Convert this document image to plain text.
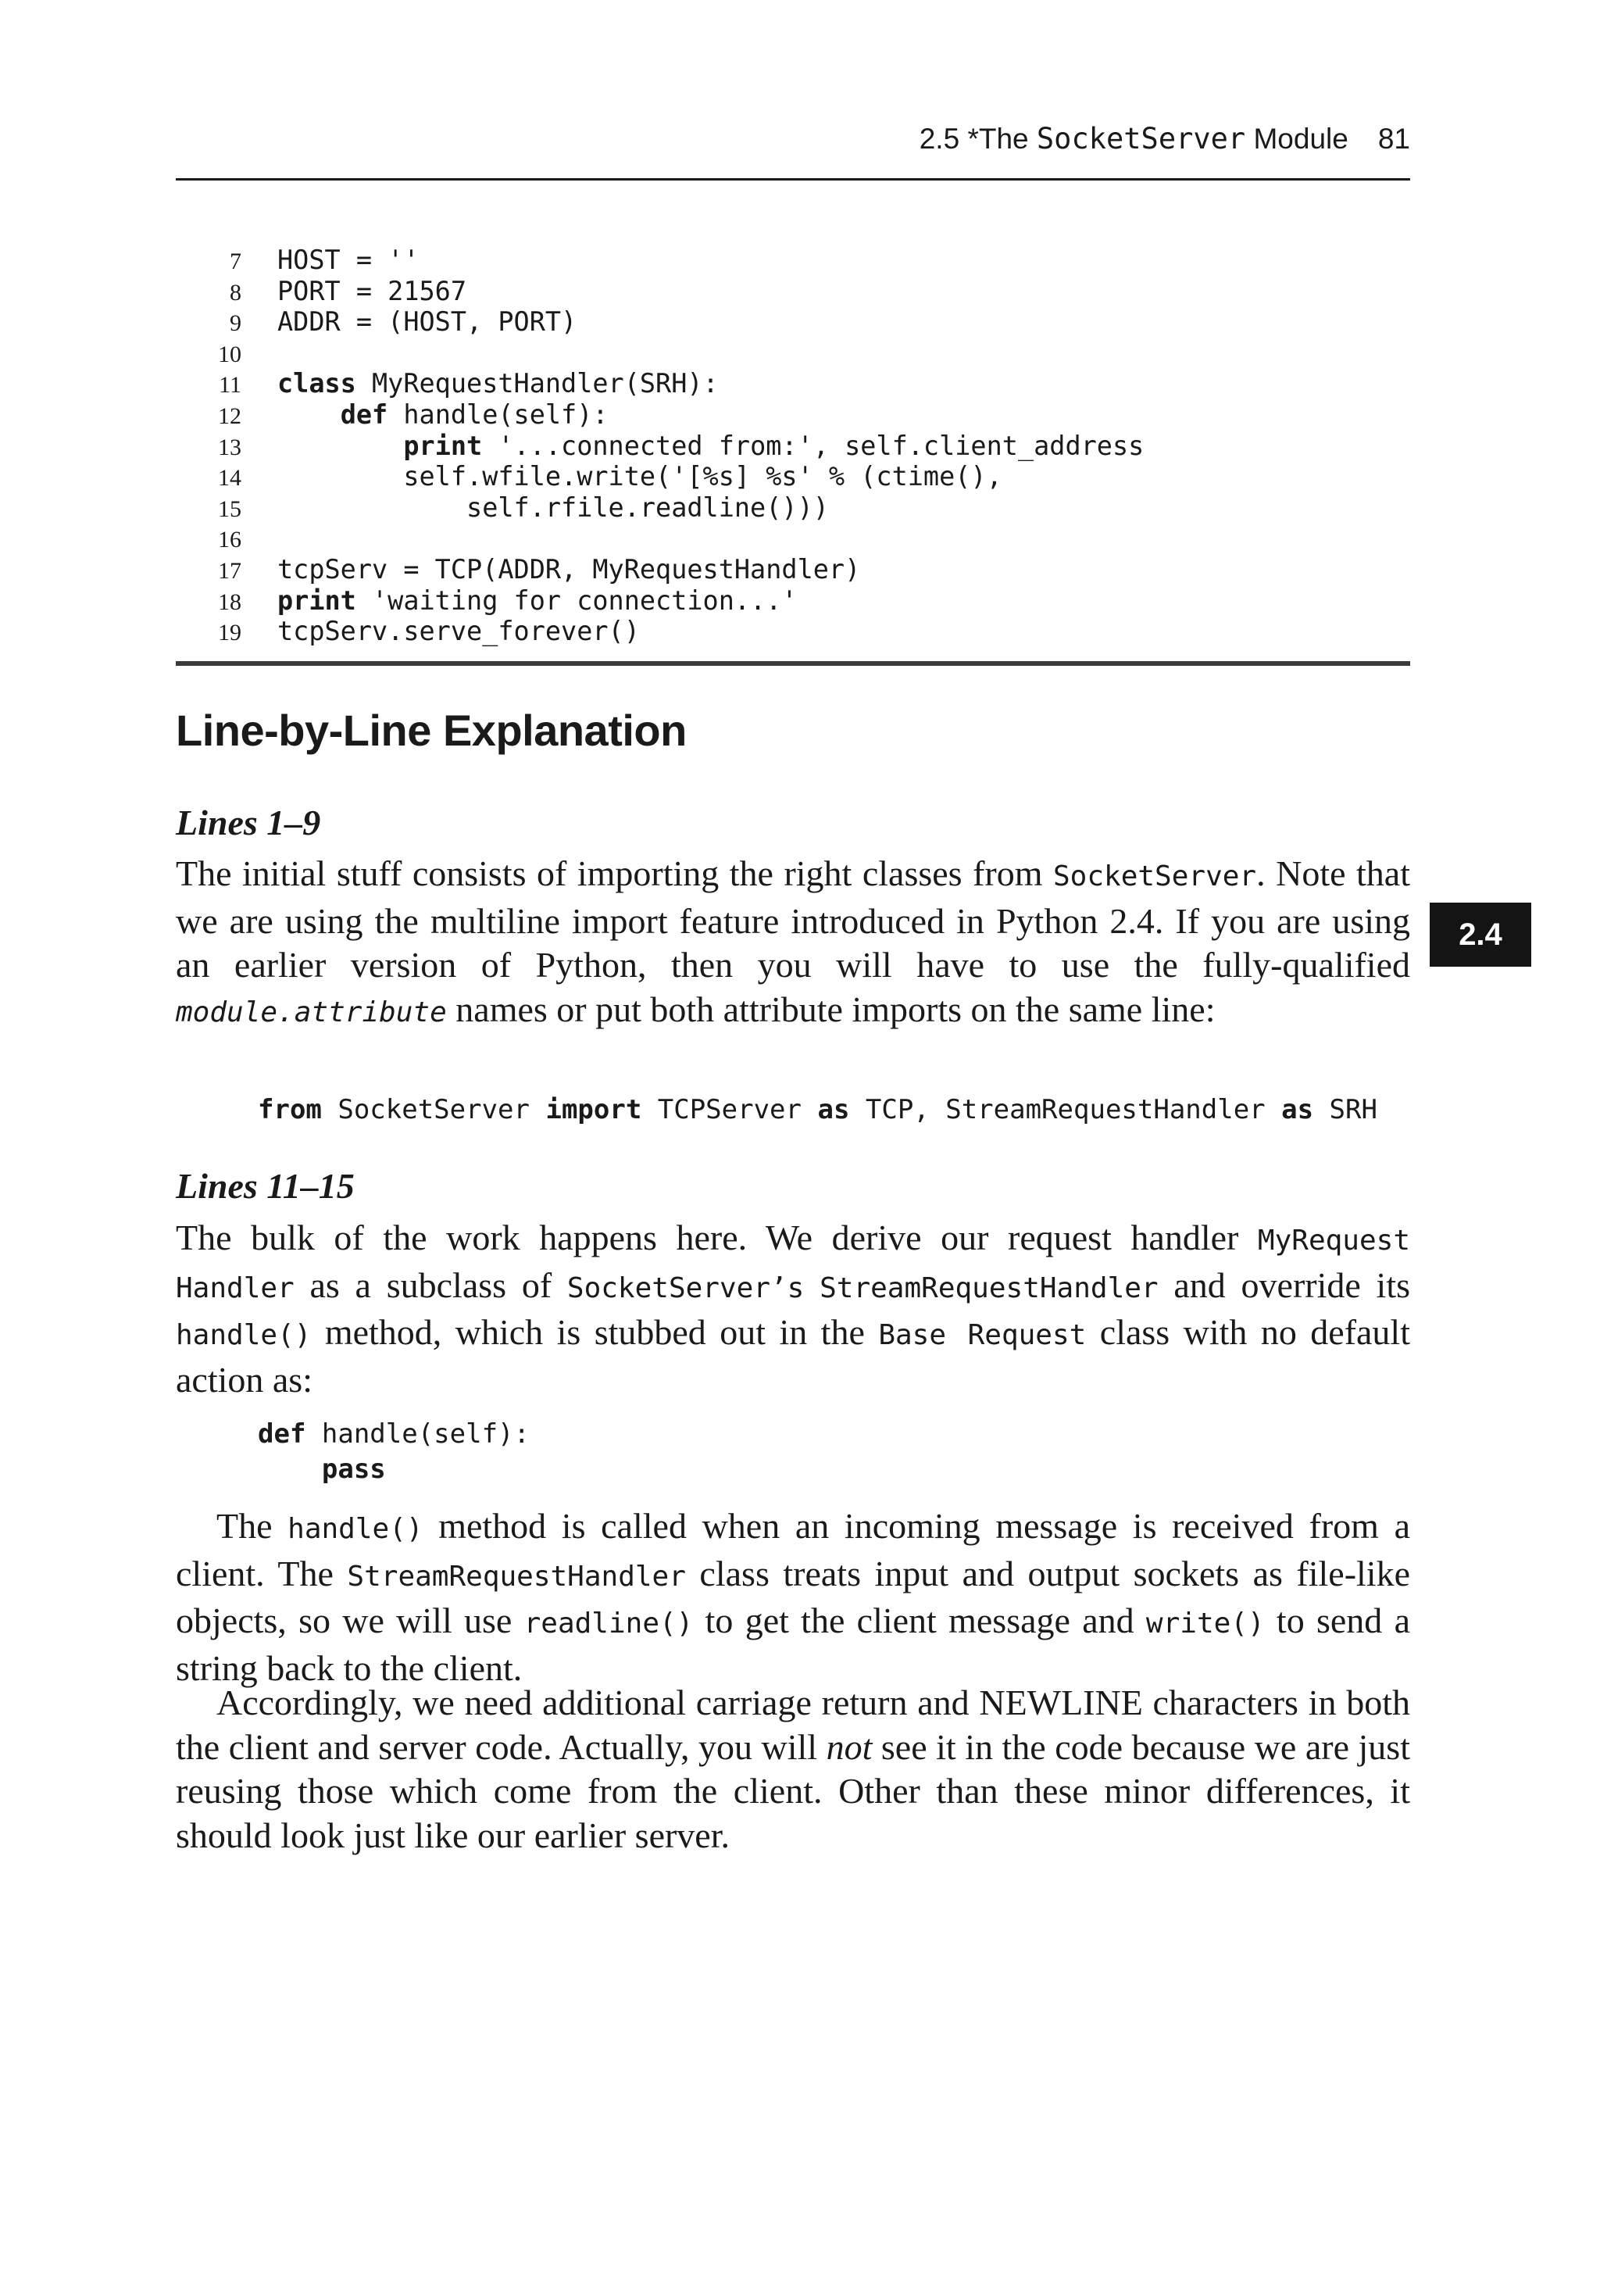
2.5 *The SocketServer Module 81
7 HOST = ''
8 PORT = 21567
9 ADDR = (HOST, PORT)
10
11 class MyRequestHandler(SRH):
12	def handle(self):
13	print '...connected from:', self.client_address
14 self.wfile.write('[%s] %s' % (ctime(),
15 self.rfile.readline()))
16
17 tcpServ = TCP(ADDR, MyRequestHandler)
18 print 'waiting for connection...'
19 tcpServ.serve_forever()
Line-by-Line Explanation
Lines 1–9

The initial stuff consists of importing the right classes from SocketServer. Note that we are using the multiline import feature introduced in Python 2.4. If you are using an earlier version of Python, then you will have to use the fully-qualified module.attribute names or put both attribute imports on the same line:

from SocketServer import TCPServer as TCP, StreamRequestHandler as SRH
Lines 11–15

The bulk of the work happens here. We derive our request handler MyRequest Handler as a subclass of SocketServer’s StreamRequestHandler and override its handle() method, which is stubbed out in the Base Request class with no default action as:

def handle(self):
pass

The handle() method is called when an incoming message is received from a client. The StreamRequestHandler class treats input and output sockets as file-like objects, so we will use readline() to get the client message and write() to send a string back to the client.

Accordingly, we need additional carriage return and NEWLINE characters in both the client and server code. Actually, you will not see it in the code because we are just reusing those which come from the client. Other than these minor differences, it should look just like our earlier server.

2.4
